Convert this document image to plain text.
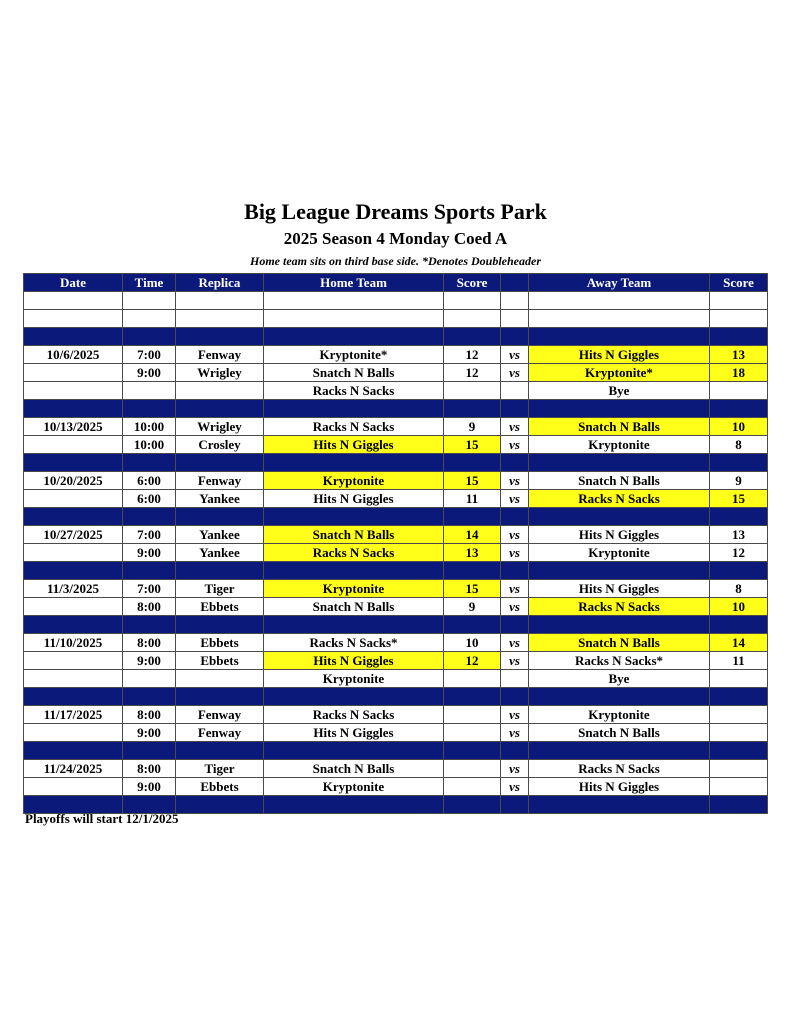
Big League Dreams Sports Park
2025 Season 4 Monday Coed A
Home team sits on third base side. *Denotes Doubleheader
Date	Time	Replica	Home Team	Score		Away Team	Score

10/6/2025	7:00	Fenway	Kryptonite*	12	vs	Hits N Giggles	13
	9:00	Wrigley	Snatch N Balls	12	vs	Kryptonite*	18
			Racks N Sacks			Bye	

10/13/2025	10:00	Wrigley	Racks N Sacks	9	vs	Snatch N Balls	10
	10:00	Crosley	Hits N Giggles	15	vs	Kryptonite	8

10/20/2025	6:00	Fenway	Kryptonite	15	vs	Snatch N Balls	9
	6:00	Yankee	Hits N Giggles	11	vs	Racks N Sacks	15

10/27/2025	7:00	Yankee	Snatch N Balls	14	vs	Hits N Giggles	13
	9:00	Yankee	Racks N Sacks	13	vs	Kryptonite	12

11/3/2025	7:00	Tiger	Kryptonite	15	vs	Hits N Giggles	8
	8:00	Ebbets	Snatch N Balls	9	vs	Racks N Sacks	10

11/10/2025	8:00	Ebbets	Racks N Sacks*	10	vs	Snatch N Balls	14
	9:00	Ebbets	Hits N Giggles	12	vs	Racks N Sacks*	11
			Kryptonite			Bye	

11/17/2025	8:00	Fenway	Racks N Sacks		vs	Kryptonite	
	9:00	Fenway	Hits N Giggles		vs	Snatch N Balls	

11/24/2025	8:00	Tiger	Snatch N Balls		vs	Racks N Sacks	
	9:00	Ebbets	Kryptonite		vs	Hits N Giggles	

Playoffs will start 12/1/2025
